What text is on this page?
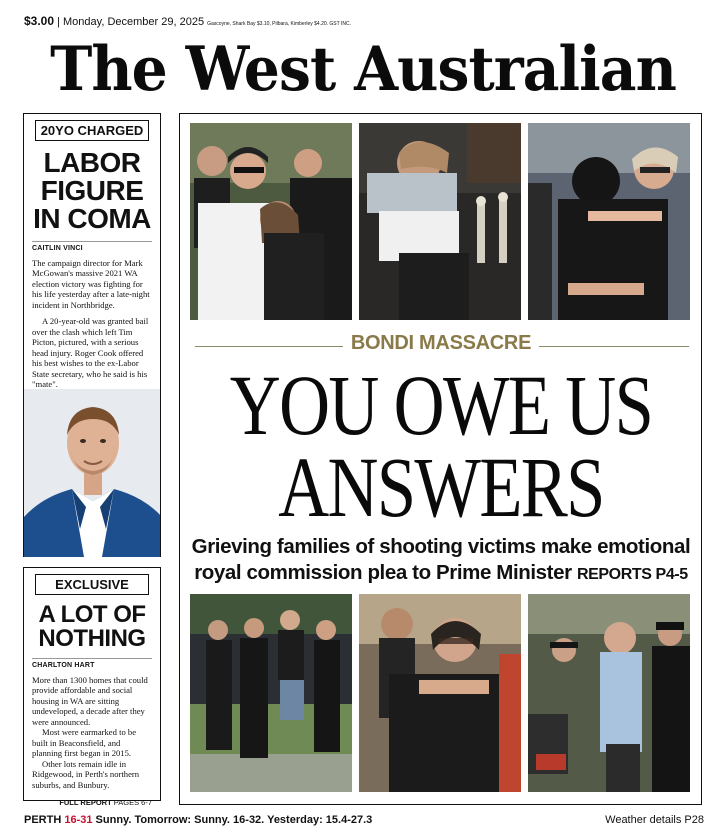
$3.00 | Monday, December 29, 2025 Gascoyne, Shark Bay $3.10, Pilbara, Kimberley $4.20. GST INC.
The West Australian
20YO CHARGED
LABOR
FIGURE
IN COMA
CAITLIN VINCI

The campaign director for Mark McGowan's massive 2021 WA election victory was fighting for his life yesterday after a late-night incident in Northbridge.

A 20-year-old was granted bail over the clash which left Tim Picton, pictured, with a serious head injury. Roger Cook offered his best wishes to the ex-Labor State secretary, who he said is his "mate".

EXCLUSIVE
A LOT OF
NOTHING
CHARLTON HART

More than 1300 homes that could provide affordable and social housing in WA are sitting undeveloped, a decade after they were announced.

Most were earmarked to be built in Beaconsfield, and planning first began in 2015.

Other lots remain idle in Ridgewood, in Perth's northern suburbs, and Bunbury.

FULL REPORT PAGES 6-7
BONDI MASSACRE
YOU OWE US
ANSWERS
Grieving families of shooting victims make emotional
royal commission plea to Prime Minister REPORTS P4-5
PERTH 16-31 Sunny. Tomorrow: Sunny. 16-32. Yesterday: 15.4-27.3	Weather details P28
